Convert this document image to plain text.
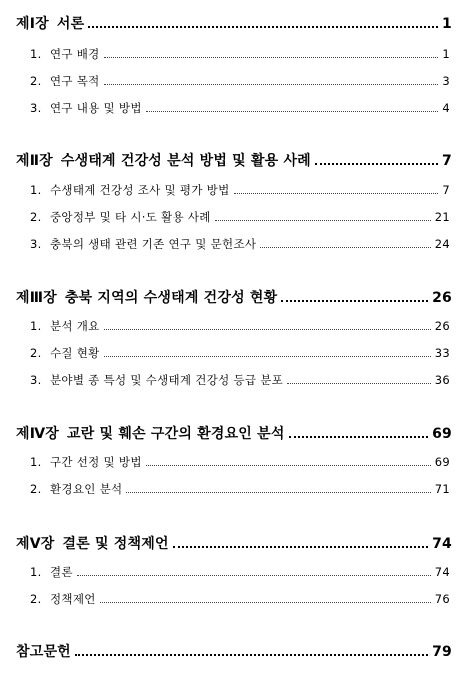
제Ⅰ장 서론	1
1. 연구 배경	1
2. 연구 목적	3
3. 연구 내용 및 방법	4
제Ⅱ장 수생태계 건강성 분석 방법 및 활용 사례	7
1. 수생태계 건강성 조사 및 평가 방법	7
2. 중앙정부 및 타 시·도 활용 사례	21
3. 충북의 생태 관련 기존 연구 및 문헌조사	24
제Ⅲ장 충북 지역의 수생태계 건강성 현황	26
1. 분석 개요	26
2. 수질 현황	33
3. 분야별 종 특성 및 수생태계 건강성 등급 분포	36
제Ⅳ장 교란 및 훼손 구간의 환경요인 분석	69
1. 구간 선정 및 방법	69
2. 환경요인 분석	71
제Ⅴ장 결론 및 정책제언	74
1. 결론	74
2. 정책제언	76
참고문헌	79
